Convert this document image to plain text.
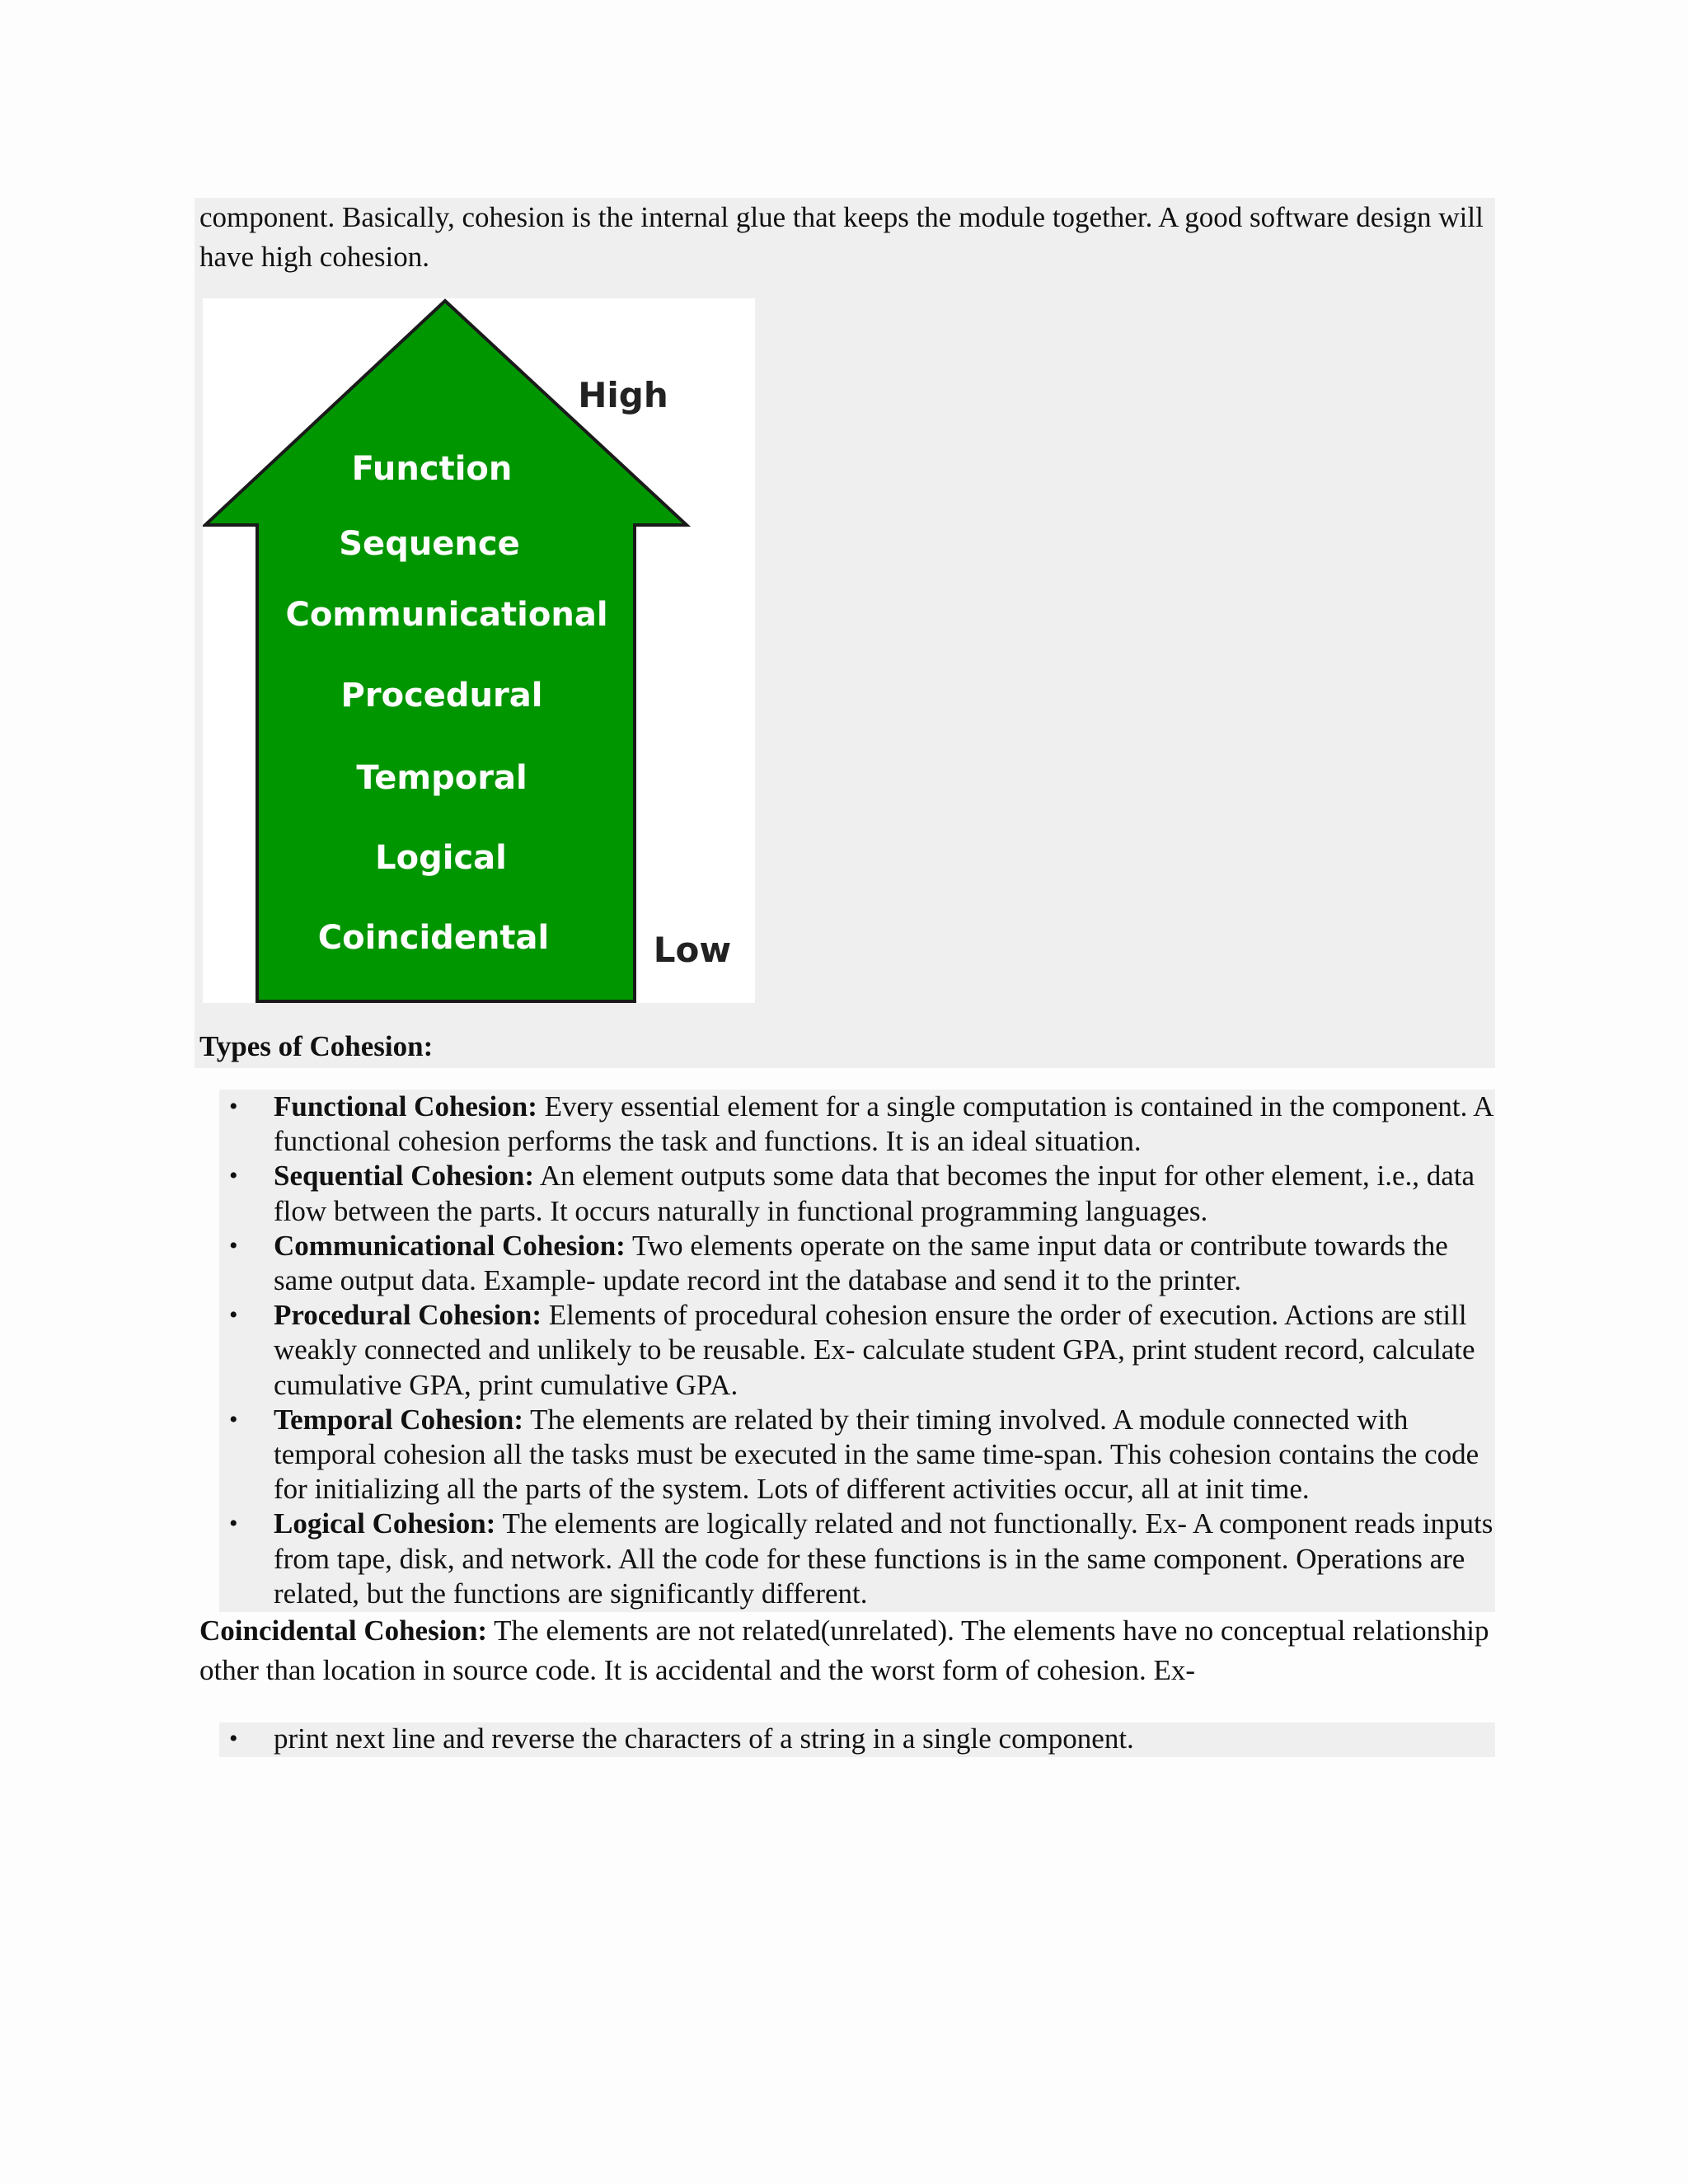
component. Basically, cohesion is the internal glue that keeps the module together. A good software design will have high cohesion.

High
Low
Function
Sequence
Communicational
Procedural
Temporal
Logical
Coincidental

Types of Cohesion:

• Functional Cohesion: Every essential element for a single computation is contained in the component. A functional cohesion performs the task and functions. It is an ideal situation.
• Sequential Cohesion: An element outputs some data that becomes the input for other element, i.e., data flow between the parts. It occurs naturally in functional programming languages.
• Communicational Cohesion: Two elements operate on the same input data or contribute towards the same output data. Example- update record int the database and send it to the printer.
• Procedural Cohesion: Elements of procedural cohesion ensure the order of execution. Actions are still weakly connected and unlikely to be reusable. Ex- calculate student GPA, print student record, calculate cumulative GPA, print cumulative GPA.
• Temporal Cohesion: The elements are related by their timing involved. A module connected with temporal cohesion all the tasks must be executed in the same time-span. This cohesion contains the code for initializing all the parts of the system. Lots of different activities occur, all at init time.
• Logical Cohesion: The elements are logically related and not functionally. Ex- A component reads inputs from tape, disk, and network. All the code for these functions is in the same component. Operations are related, but the functions are significantly different.

Coincidental Cohesion: The elements are not related(unrelated). The elements have no conceptual relationship other than location in source code. It is accidental and the worst form of cohesion. Ex-

• print next line and reverse the characters of a string in a single component.
